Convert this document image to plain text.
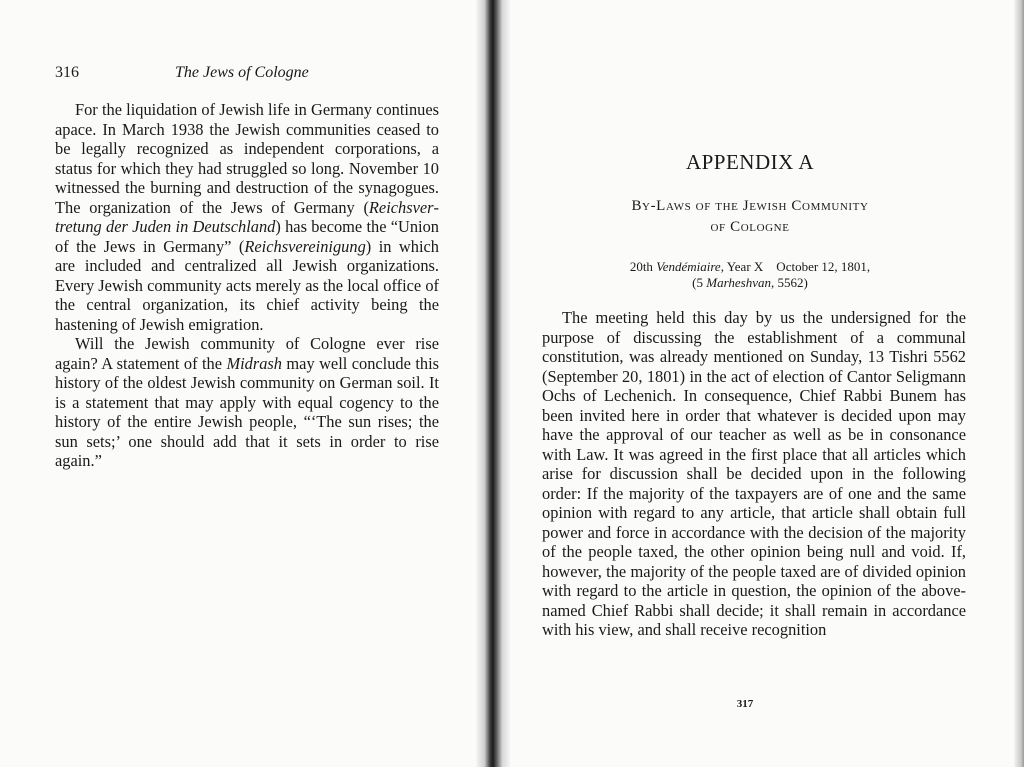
316	The Jews of Cologne

For the liquidation of Jewish life in Germany continues apace. In March 1938 the Jewish communities ceased to be legally recognized as independent corporations, a status for which they had struggled so long. November 10 witnessed the burning and destruction of the synagogues. The organization of the Jews of Germany (Reichsvertretung der Juden in Deutschland) has become the “Union of the Jews in Germany” (Reichsvereinigung) in which are included and centralized all Jewish organizations. Every Jewish community acts merely as the local office of the central organization, its chief activity being the hastening of Jewish emigration.

Will the Jewish community of Cologne ever rise again? A statement of the Midrash may well conclude this history of the oldest Jewish community on German soil. It is a statement that may apply with equal cogency to the history of the entire Jewish people, “‘The sun rises; the sun sets;’ one should add that it sets in order to rise again.”

APPENDIX A
By-Laws of the Jewish Community
of Cologne
20th Vendémiaire, Year X October 12, 1801,
(5 Marheshvan, 5562)

The meeting held this day by us the undersigned for the purpose of discussing the establishment of a communal constitution, was already mentioned on Sunday, 13 Tishri 5562 (September 20, 1801) in the act of election of Cantor Seligmann Ochs of Lechenich. In consequence, Chief Rabbi Bunem has been invited here in order that whatever is decided upon may have the approval of our teacher as well as be in consonance with Law. It was agreed in the first place that all articles which arise for discussion shall be decided upon in the following order: If the majority of the taxpayers are of one and the same opinion with regard to any article, that article shall obtain full power and force in accordance with the decision of the majority of the people taxed, the other opinion being null and void. If, however, the majority of the people taxed are of divided opinion with regard to the article in question, the opinion of the above-named Chief Rabbi shall decide; it shall remain in accordance with his view, and shall receive recognition

317
